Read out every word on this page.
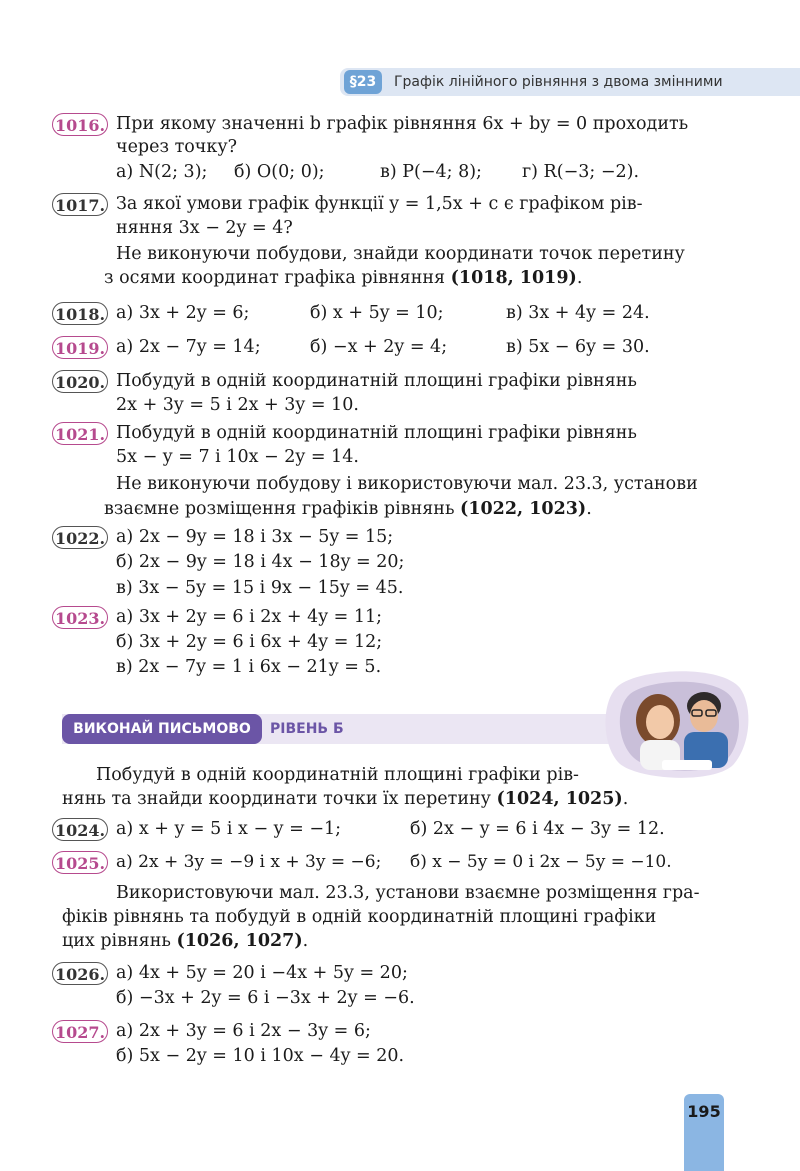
§23	Графік лінійного рівняння з двома змінними
1016. При якому значенні b графік рівняння 6x + by = 0 проходить
через точку?
а) N(2; 3); б) O(0; 0);	в) P(−4; 8); г) R(−3; −2).
1017. За якої умови графік функції y = 1,5x + c є графіком рів-
няння 3x − 2y = 4?
Не виконуючи побудови, знайди координати точок перетину
з осями координат графіка рівняння (1018, 1019).
1018. а) 3x + 2y = 6;	б) x + 5y = 10;	в) 3x + 4y = 24.
1019. а) 2x − 7y = 14;	б) −x + 2y = 4;	в) 5x − 6y = 30.
1020. Побудуй в одній координатній площині графіки рівнянь
2x + 3y = 5 і 2x + 3y = 10.
1021. Побудуй в одній координатній площині графіки рівнянь
5x − y = 7 і 10x − 2y = 14.
Не виконуючи побудову і використовуючи мал. 23.3, установи
взаємне розміщення графіків рівнянь (1022, 1023).
1022. а) 2x − 9y = 18 і 3x − 5y = 15;
б) 2x − 9y = 18 і 4x − 18y = 20;
в) 3x − 5y = 15 і 9x − 15y = 45.
1023. а) 3x + 2y = 6 і 2x + 4y = 11;
б) 3x + 2y = 6 і 6x + 4y = 12;
в) 2x − 7y = 1 і 6x − 21y = 5.
ВИКОНАЙ ПИСЬМОВО	РІВЕНЬ Б
Побудуй в одній координатній площині графіки рів-
нянь та знайди координати точки їх перетину (1024, 1025).
1024. а) x + y = 5 і x − y = −1;	б) 2x − y = 6 і 4x − 3y = 12.
1025. а) 2x + 3y = −9 і x + 3y = −6; б) x − 5y = 0 і 2x − 5y = −10.
Використовуючи мал. 23.3, установи взаємне розміщення гра-
фіків рівнянь та побудуй в одній координатній площині графіки
цих рівнянь (1026, 1027).
1026. а) 4x + 5y = 20 і −4x + 5y = 20;
б) −3x + 2y = 6 і −3x + 2y = −6.
1027. а) 2x + 3y = 6 і 2x − 3y = 6;
б) 5x − 2y = 10 і 10x − 4y = 20.
195
